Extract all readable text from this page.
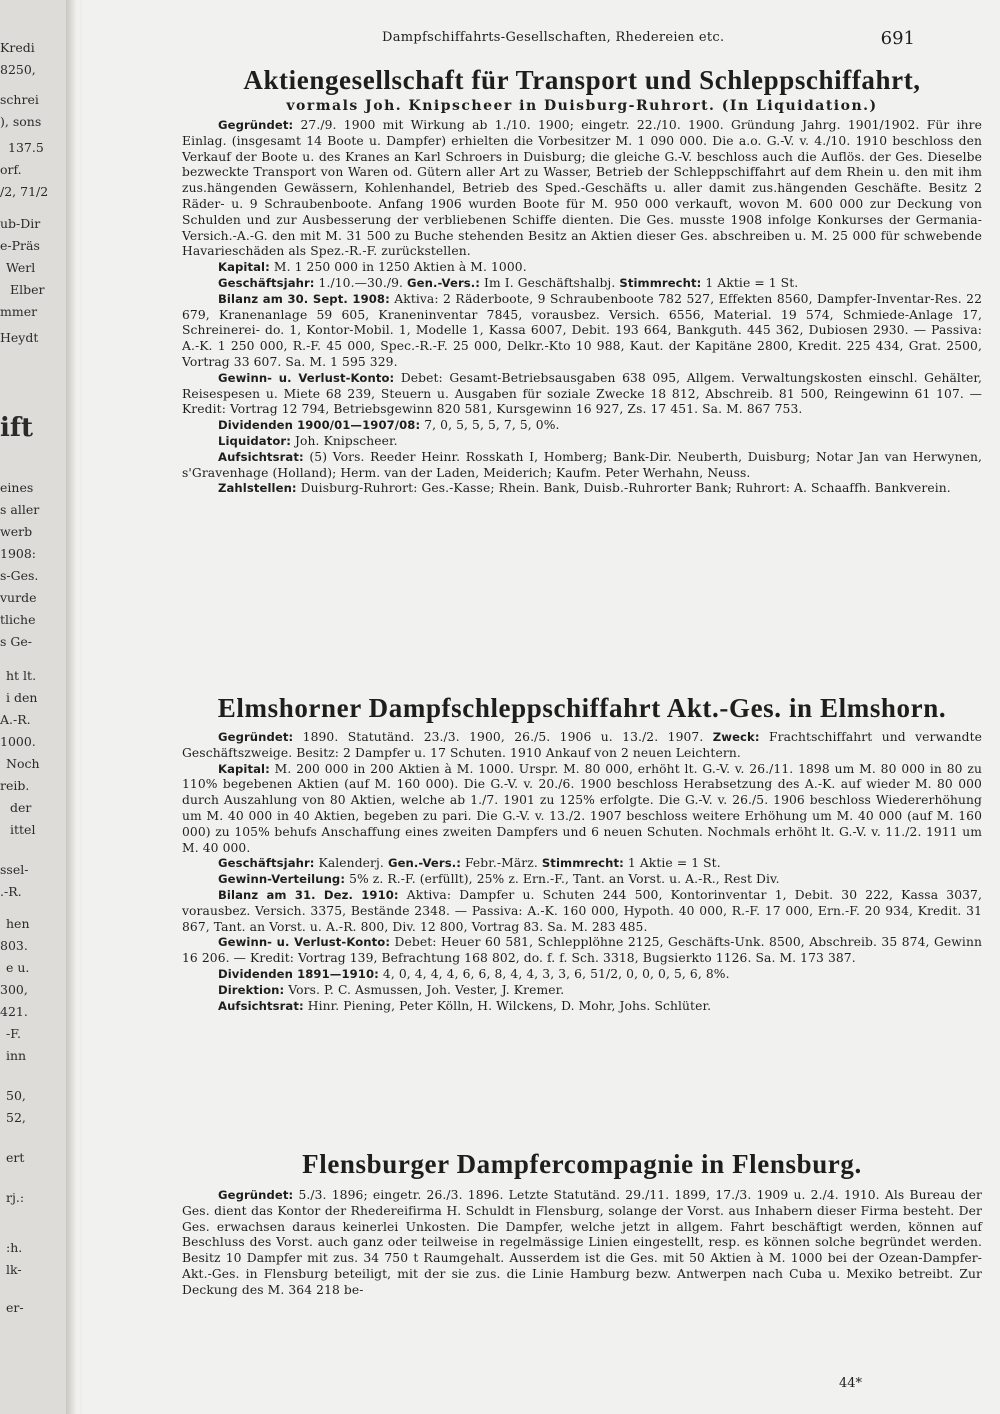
Kredi
8250,
schrei
), sons
137.5
orf.
/2, 71/2
ub-Dir
e-Präs
Werl
Elber
mmer
Heydt
ift
eines
s aller
werb
1908:
s-Ges.
vurde
tliche
s Ge-
ht lt.
i den
A.-R.
1000.
Noch
reib.
der
ittel
ssel-
.-R.
hen
803.
e u.
300,
421.
-F.
inn
50,
52,
ert
rj.:
:h.
lk-
er-
Dampfschiffahrts-Gesellschaften, Rhedereien etc.	691
Aktiengesellschaft für Transport und Schleppschiffahrt,
vormals Joh. Knipscheer in Duisburg-Ruhrort. (In Liquidation.)

Gegründet: 27./9. 1900 mit Wirkung ab 1./10. 1900; eingetr. 22./10. 1900. Gründung Jahrg. 1901/1902. Für ihre Einlag. (insgesamt 14 Boote u. Dampfer) erhielten die Vorbesitzer M. 1 090 000. Die a.o. G.-V. v. 4./10. 1910 beschloss den Verkauf der Boote u. des Kranes an Karl Schroers in Duisburg; die gleiche G.-V. beschloss auch die Auflös. der Ges. Dieselbe bezweckte Transport von Waren od. Gütern aller Art zu Wasser, Betrieb der Schleppschiffahrt auf dem Rhein u. den mit ihm zus.hängenden Gewässern, Kohlenhandel, Betrieb des Sped.-Geschäfts u. aller damit zus.hängenden Geschäfte. Besitz 2 Räder- u. 9 Schraubenboote. Anfang 1906 wurden Boote für M. 950 000 verkauft, wovon M. 600 000 zur Deckung von Schulden und zur Ausbesserung der verbliebenen Schiffe dienten. Die Ges. musste 1908 infolge Konkurses der Germania-Versich.-A.-G. den mit M. 31 500 zu Buche stehenden Besitz an Aktien dieser Ges. abschreiben u. M. 25 000 für schwebende Havarieschäden als Spez.-R.-F. zurückstellen.
Kapital: M. 1 250 000 in 1250 Aktien à M. 1000.
Geschäftsjahr: 1./10.—30./9. Gen.-Vers.: Im I. Geschäftshalbj. Stimmrecht: 1 Aktie = 1 St.
Bilanz am 30. Sept. 1908: Aktiva: 2 Räderboote, 9 Schraubenboote 782 527, Effekten 8560, Dampfer-Inventar-Res. 22 679, Kranenanlage 59 605, Kraneninventar 7845, vorausbez. Versich. 6556, Material. 19 574, Schmiede-Anlage 17, Schreinerei- do. 1, Kontor-Mobil. 1, Modelle 1, Kassa 6007, Debit. 193 664, Bankguth. 445 362, Dubiosen 2930. — Passiva: A.-K. 1 250 000, R.-F. 45 000, Spec.-R.-F. 25 000, Delkr.-Kto 10 988, Kaut. der Kapitäne 2800, Kredit. 225 434, Grat. 2500, Vortrag 33 607. Sa. M. 1 595 329.
Gewinn- u. Verlust-Konto: Debet: Gesamt-Betriebsausgaben 638 095, Allgem. Verwaltungskosten einschl. Gehälter, Reisespesen u. Miete 68 239, Steuern u. Ausgaben für soziale Zwecke 18 812, Abschreib. 81 500, Reingewinn 61 107. — Kredit: Vortrag 12 794, Betriebsgewinn 820 581, Kursgewinn 16 927, Zs. 17 451. Sa. M. 867 753.
Dividenden 1900/01—1907/08: 7, 0, 5, 5, 5, 7, 5, 0%.
Liquidator: Joh. Knipscheer.
Aufsichtsrat: (5) Vors. Reeder Heinr. Rosskath I, Homberg; Bank-Dir. Neuberth, Duisburg; Notar Jan van Herwynen, s'Gravenhage (Holland); Herm. van der Laden, Meiderich; Kaufm. Peter Werhahn, Neuss.
Zahlstellen: Duisburg-Ruhrort: Ges.-Kasse; Rhein. Bank, Duisb.-Ruhrorter Bank; Ruhrort: A. Schaaffh. Bankverein.

Elmshorner Dampfschleppschiffahrt Akt.-Ges. in Elmshorn.

Gegründet: 1890. Statutänd. 23./3. 1900, 26./5. 1906 u. 13./2. 1907. Zweck: Frachtschiffahrt und verwandte Geschäftszweige. Besitz: 2 Dampfer u. 17 Schuten. 1910 Ankauf von 2 neuen Leichtern.
Kapital: M. 200 000 in 200 Aktien à M. 1000. Urspr. M. 80 000, erhöht lt. G.-V. v. 26./11. 1898 um M. 80 000 in 80 zu 110% begebenen Aktien (auf M. 160 000). Die G.-V. v. 20./6. 1900 beschloss Herabsetzung des A.-K. auf wieder M. 80 000 durch Auszahlung von 80 Aktien, welche ab 1./7. 1901 zu 125% erfolgte. Die G.-V. v. 26./5. 1906 beschloss Wiedererhöhung um M. 40 000 in 40 Aktien, begeben zu pari. Die G.-V. v. 13./2. 1907 beschloss weitere Erhöhung um M. 40 000 (auf M. 160 000) zu 105% behufs Anschaffung eines zweiten Dampfers und 6 neuen Schuten. Nochmals erhöht lt. G.-V. v. 11./2. 1911 um M. 40 000.
Geschäftsjahr: Kalenderj. Gen.-Vers.: Febr.-März. Stimmrecht: 1 Aktie = 1 St.
Gewinn-Verteilung: 5% z. R.-F. (erfüllt), 25% z. Ern.-F., Tant. an Vorst. u. A.-R., Rest Div.
Bilanz am 31. Dez. 1910: Aktiva: Dampfer u. Schuten 244 500, Kontorinventar 1, Debit. 30 222, Kassa 3037, vorausbez. Versich. 3375, Bestände 2348. — Passiva: A.-K. 160 000, Hypoth. 40 000, R.-F. 17 000, Ern.-F. 20 934, Kredit. 31 867, Tant. an Vorst. u. A.-R. 800, Div. 12 800, Vortrag 83. Sa. M. 283 485.
Gewinn- u. Verlust-Konto: Debet: Heuer 60 581, Schlepplöhne 2125, Geschäfts-Unk. 8500, Abschreib. 35 874, Gewinn 16 206. — Kredit: Vortrag 139, Befrachtung 168 802, do. f. f. Sch. 3318, Bugsierkto 1126. Sa. M. 173 387.
Dividenden 1891—1910: 4, 0, 4, 4, 4, 6, 6, 8, 4, 4, 3, 3, 6, 51/2, 0, 0, 0, 5, 6, 8%.
Direktion: Vors. P. C. Asmussen, Joh. Vester, J. Kremer.
Aufsichtsrat: Hinr. Piening, Peter Kölln, H. Wilckens, D. Mohr, Johs. Schlüter.

Flensburger Dampfercompagnie in Flensburg.

Gegründet: 5./3. 1896; eingetr. 26./3. 1896. Letzte Statutänd. 29./11. 1899, 17./3. 1909 u. 2./4. 1910. Als Bureau der Ges. dient das Kontor der Rhedereifirma H. Schuldt in Flensburg, solange der Vorst. aus Inhabern dieser Firma besteht. Der Ges. erwachsen daraus keinerlei Unkosten. Die Dampfer, welche jetzt in allgem. Fahrt beschäftigt werden, können auf Beschluss des Vorst. auch ganz oder teilweise in regelmässige Linien eingestellt, resp. es können solche begründet werden. Besitz 10 Dampfer mit zus. 34 750 t Raumgehalt. Ausserdem ist die Ges. mit 50 Aktien à M. 1000 bei der Ozean-Dampfer-Akt.-Ges. in Flensburg beteiligt, mit der sie zus. die Linie Hamburg bezw. Antwerpen nach Cuba u. Mexiko betreibt. Zur Deckung des M. 364 218 be-

44*
